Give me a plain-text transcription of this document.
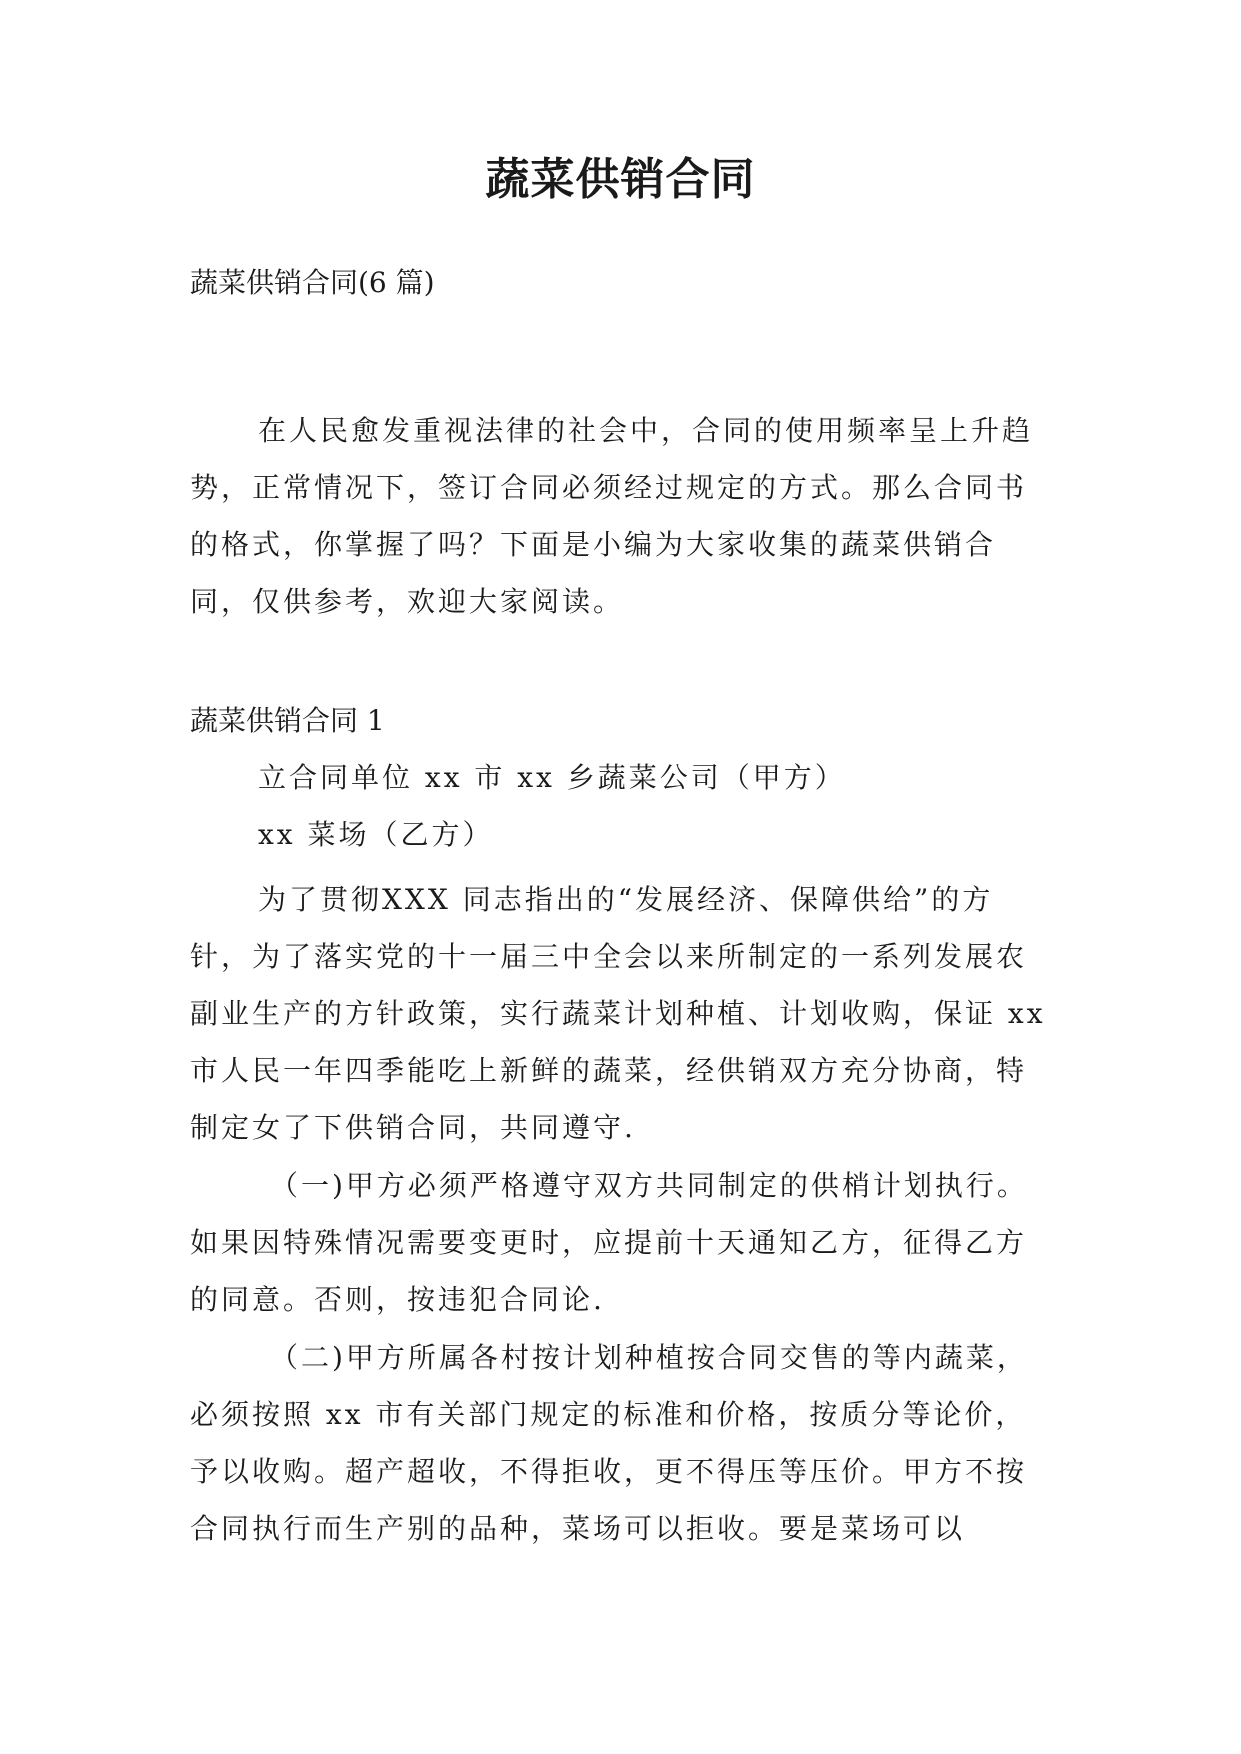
蔬菜供销合同
蔬菜供销合同(6 篇)

在人民愈发重视法律的社会中，合同的使用频率呈上升趋势，正常情况下，签订合同必须经过规定的方式。那么合同书的格式，你掌握了吗？下面是小编为大家收集的蔬菜供销合同，仅供参考，欢迎大家阅读。

蔬菜供销合同 1
立合同单位 xx 市 xx 乡蔬菜公司（甲方）
xx 菜场（乙方）

为了贯彻XXX 同志指出的“发展经济、保障供给”的方针，为了落实党的十一届三中全会以来所制定的一系列发展农副业生产的方针政策，实行蔬菜计划种植、计划收购，保证 xx 市人民一年四季能吃上新鲜的蔬菜，经供销双方充分协商，特制定女了下供销合同，共同遵守.

（一)甲方必须严格遵守双方共同制定的供梢计划执行。如果因特殊情况需要变更时，应提前十天通知乙方，征得乙方的同意。否则，按违犯合同论.

（二)甲方所属各村按计划种植按合同交售的等内蔬菜，必须按照 xx 市有关部门规定的标准和价格，按质分等论价，予以收购。超产超收，不得拒收，更不得压等压价。甲方不按合同执行而生产别的品种，菜场可以拒收。要是菜场可以
